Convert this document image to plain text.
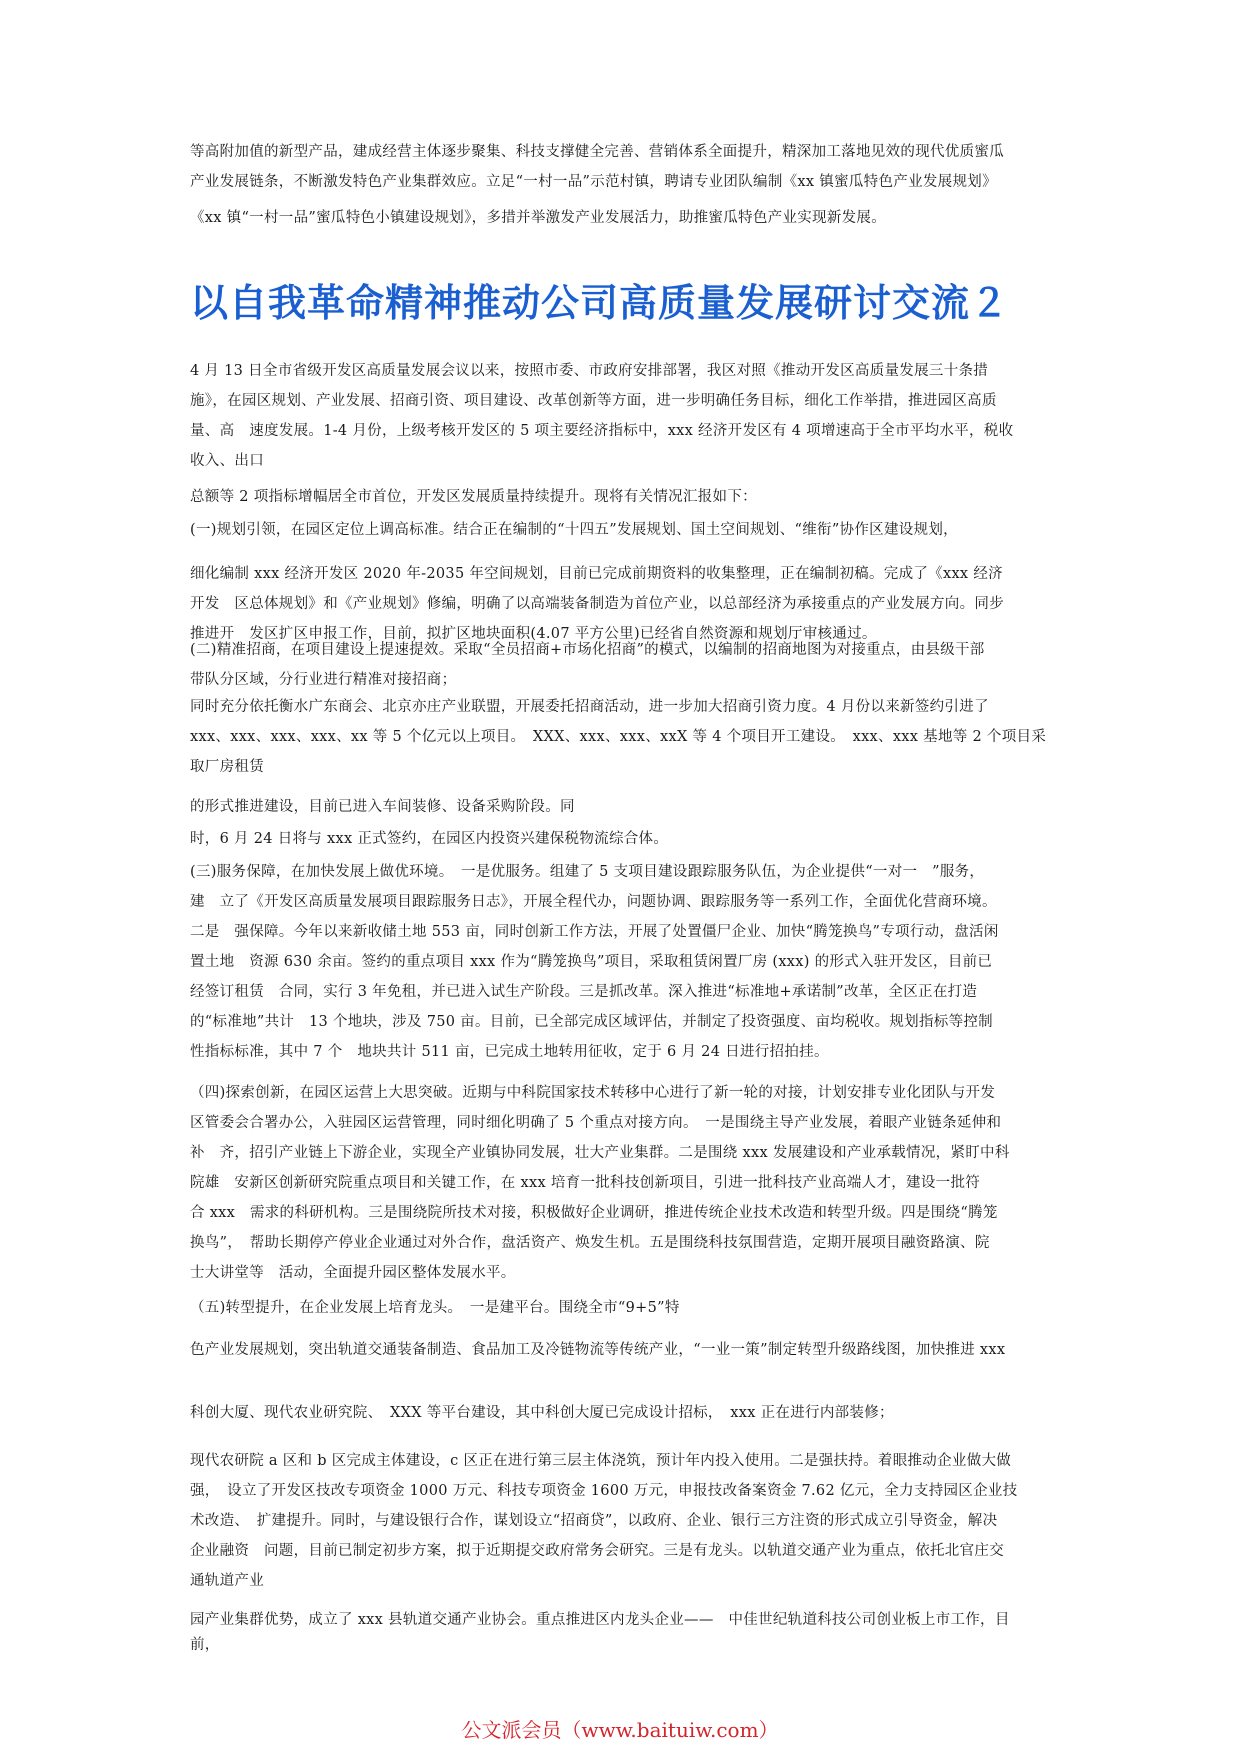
等高附加值的新型产品，建成经营主体逐步聚集、科技支撑健全完善、营销体系全面提升，精深加工落地见效的现代优质蜜瓜

产业发展链条，不断激发特色产业集群效应。立足“一村一品”示范村镇，聘请专业团队编制《xx 镇蜜瓜特色产业发展规划》

《xx 镇“一村一品”蜜瓜特色小镇建设规划》，多措并举激发产业发展活力，助推蜜瓜特色产业实现新发展。

以自我革命精神推动公司高质量发展研讨交流２

4 月 13 日全市省级开发区高质量发展会议以来，按照市委、市政府安排部署，我区对照《推动开发区高质量发展三十条措

施》，在园区规划、产业发展、招商引资、项目建设、改革创新等方面，进一步明确任务目标，细化工作举措，推进园区高质

量、高　速度发展。1-4 月份，上级考核开发区的 5 项主要经济指标中，xxx 经济开发区有 4 项增速高于全市平均水平，税收

收入、出口

总额等 2 项指标增幅居全市首位，开发区发展质量持续提升。现将有关情况汇报如下：

(一)规划引领，在园区定位上调高标准。结合正在编制的“十四五”发展规划、国土空间规划、“维衔”协作区建设规划，

细化编制 xxx 经济开发区 2020 年-2035 年空间规划，目前已完成前期资料的收集整理，正在编制初稿。完成了《xxx 经济

开发　区总体规划》和《产业规划》修编，明确了以高端装备制造为首位产业，以总部经济为承接重点的产业发展方向。同步

推进开　发区扩区申报工作，目前，拟扩区地块面积(4.07 平方公里)已经省自然资源和规划厅审核通过。

(二)精准招商，在项目建设上提速提效。采取“全员招商+市场化招商”的模式，以编制的招商地图为对接重点，由县级干部

带队分区域，分行业进行精准对接招商；

同时充分依托衡水广东商会、北京亦庄产业联盟，开展委托招商活动，进一步加大招商引资力度。4 月份以来新签约引进了

xxx、xxx、xxx、xxx、xx 等 5 个亿元以上项目。　XXX、xxx、xxx、xxX 等 4 个项目开工建设。　xxx、xxx 基地等 2 个项目采

取厂房租赁

的形式推进建设，目前已进入车间装修、设备采购阶段。同

时，6 月 24 日将与 xxx 正式签约，在园区内投资兴建保税物流综合体。

(三)服务保障，在加快发展上做优环境。　一是优服务。组建了 5 支项目建设跟踪服务队伍，为企业提供“一对一　”服务，

建　立了《开发区高质量发展项目跟踪服务日志》，开展全程代办，问题协调、跟踪服务等一系列工作，全面优化营商环境。

二是　强保障。今年以来新收储土地 553 亩，同时创新工作方法，开展了处置僵尸企业、加快“腾笼换鸟”专项行动，盘活闲

置土地　资源 630 余亩。签约的重点项目 xxx 作为“腾笼换鸟”项目，采取租赁闲置厂房 (xxx) 的形式入驻开发区，目前已

经签订租赁　合同，实行 3 年免租，并已进入试生产阶段。三是抓改革。深入推进“标准地+承诺制”改革，全区正在打造

的“标准地”共计　13 个地块，涉及 750 亩。目前，已全部完成区域评估，并制定了投资强度、亩均税收。规划指标等控制

性指标标准，其中 7 个　地块共计 511 亩，已完成土地转用征收，定于 6 月 24 日进行招拍挂。

（四)探索创新，在园区运营上大思突破。近期与中科院国家技术转移中心进行了新一轮的对接，计划安排专业化团队与开发

区管委会合署办公，入驻园区运营管理，同时细化明确了 5 个重点对接方向。　一是围绕主导产业发展，着眼产业链条延伸和

补　齐，招引产业链上下游企业，实现全产业镇协同发展，壮大产业集群。二是围绕 xxx 发展建设和产业承载情况，紧盯中科

院雄　安新区创新研究院重点项目和关键工作，在 xxx 培育一批科技创新项目，引进一批科技产业高端人才，建设一批符

合 xxx　需求的科研机构。三是围绕院所技术对接，积极做好企业调研，推进传统企业技术改造和转型升级。四是围绕“腾笼

换鸟”，　帮助长期停产停业企业通过对外合作，盘活资产、焕发生机。五是围绕科技氛围营造，定期开展项目融资路演、院

士大讲堂等　活动，全面提升园区整体发展水平。

（五)转型提升，在企业发展上培育龙头。　一是建平台。围绕全市“9+5”特

色产业发展规划，突出轨道交通装备制造、食品加工及冷链物流等传统产业，“一业一策”制定转型升级路线图，加快推进 xxx

科创大厦、现代农业研究院、　XXX 等平台建设，其中科创大厦已完成设计招标，　xxx 正在进行内部装修；

现代农研院 a 区和 b 区完成主体建设，c 区正在进行第三层主体浇筑，预计年内投入使用。二是强扶持。着眼推动企业做大做

强，　设立了开发区技改专项资金 1000 万元、科技专项资金 1600 万元，申报技改备案资金 7.62 亿元，全力支持园区企业技

术改造、　扩建提升。同时，与建设银行合作，谋划设立“招商贷”，以政府、企业、银行三方注资的形式成立引导资金，解决

企业融资　问题，目前已制定初步方案，拟于近期提交政府常务会研究。三是有龙头。以轨道交通产业为重点，依托北官庄交

通轨道产业

园产业集群优势，成立了 xxx 县轨道交通产业协会。重点推进区内龙头企业——　中佳世纪轨道科技公司创业板上市工作，目

前，

公文派会员（www.baituiw.com）
